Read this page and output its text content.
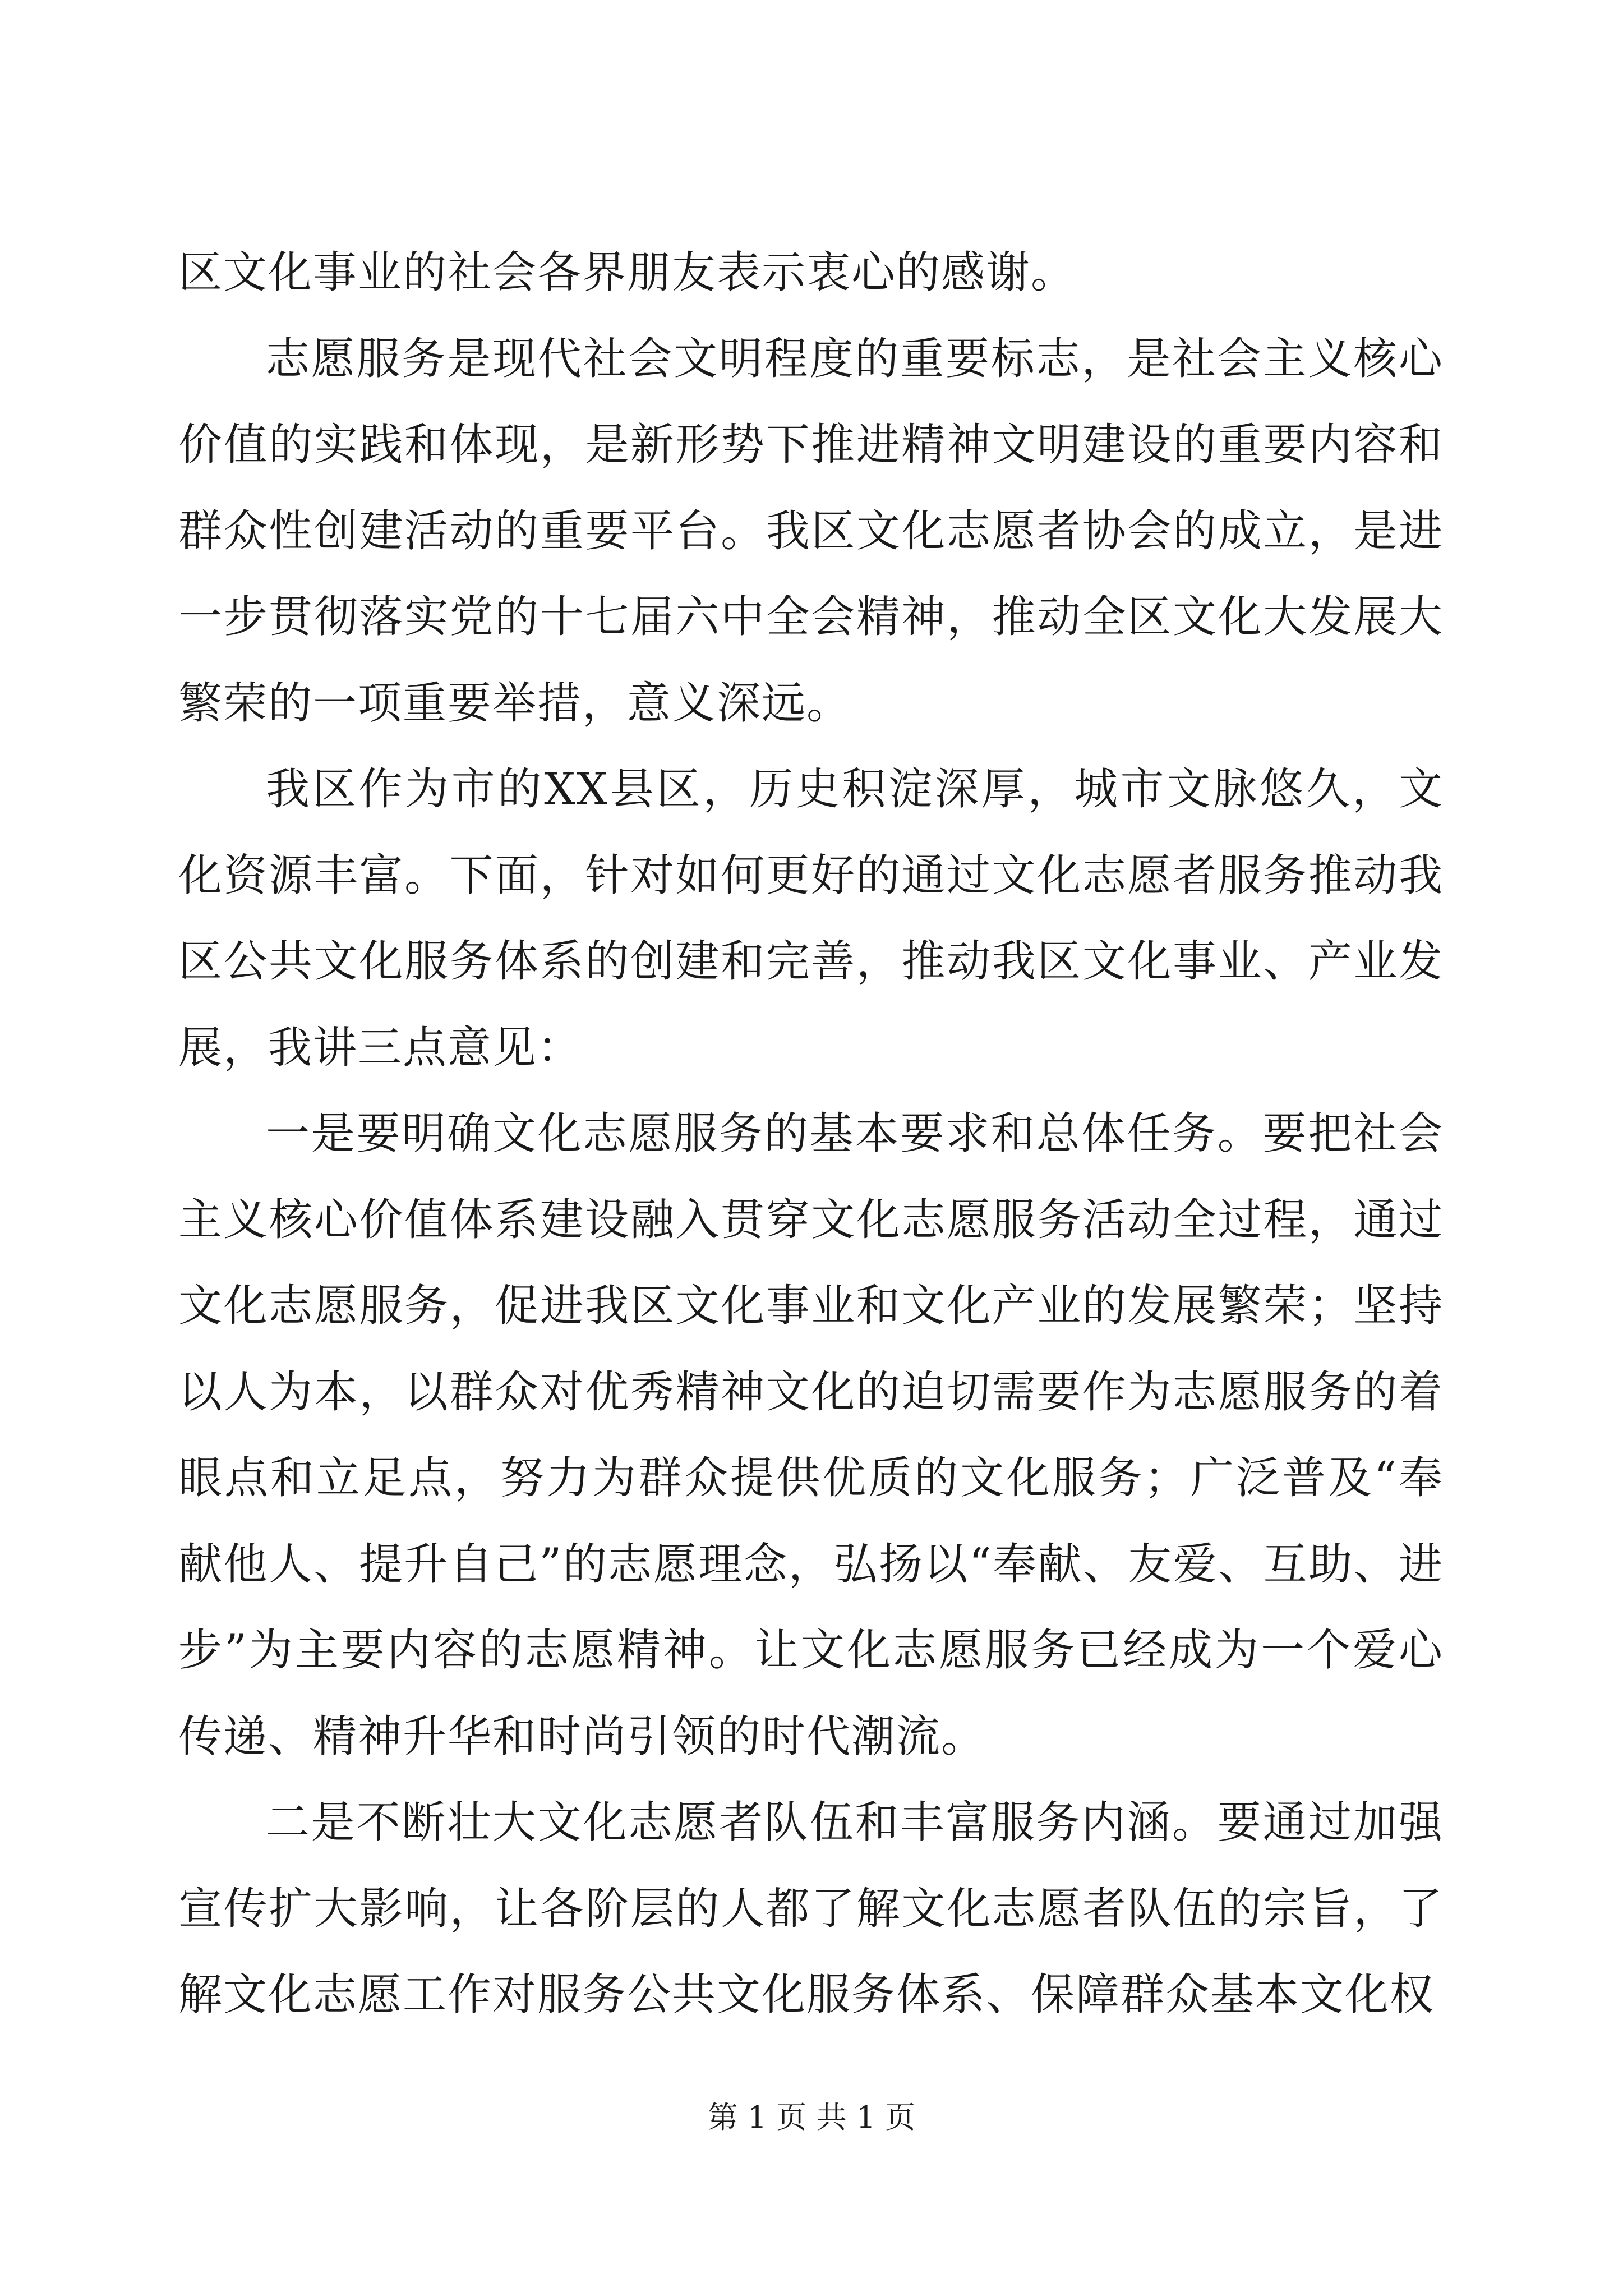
区文化事业的社会各界朋友表示衷心的感谢。

志愿服务是现代社会文明程度的重要标志，是社会主义核心价值的实践和体现，是新形势下推进精神文明建设的重要内容和群众性创建活动的重要平台。我区文化志愿者协会的成立，是进一步贯彻落实党的十七届六中全会精神，推动全区文化大发展大繁荣的一项重要举措，意义深远。

我区作为市的XX县区，历史积淀深厚，城市文脉悠久，文化资源丰富。下面，针对如何更好的通过文化志愿者服务推动我区公共文化服务体系的创建和完善，推动我区文化事业、产业发展，我讲三点意见：

一是要明确文化志愿服务的基本要求和总体任务。要把社会主义核心价值体系建设融入贯穿文化志愿服务活动全过程，通过文化志愿服务，促进我区文化事业和文化产业的发展繁荣；坚持以人为本，以群众对优秀精神文化的迫切需要作为志愿服务的着眼点和立足点，努力为群众提供优质的文化服务；广泛普及“奉献他人、提升自己”的志愿理念，弘扬以“奉献、友爱、互助、进步”为主要内容的志愿精神。让文化志愿服务已经成为一个爱心传递、精神升华和时尚引领的时代潮流。

二是不断壮大文化志愿者队伍和丰富服务内涵。要通过加强宣传扩大影响，让各阶层的人都了解文化志愿者队伍的宗旨，了解文化志愿工作对服务公共文化服务体系、保障群众基本文化权

第 1 页 共 1 页
